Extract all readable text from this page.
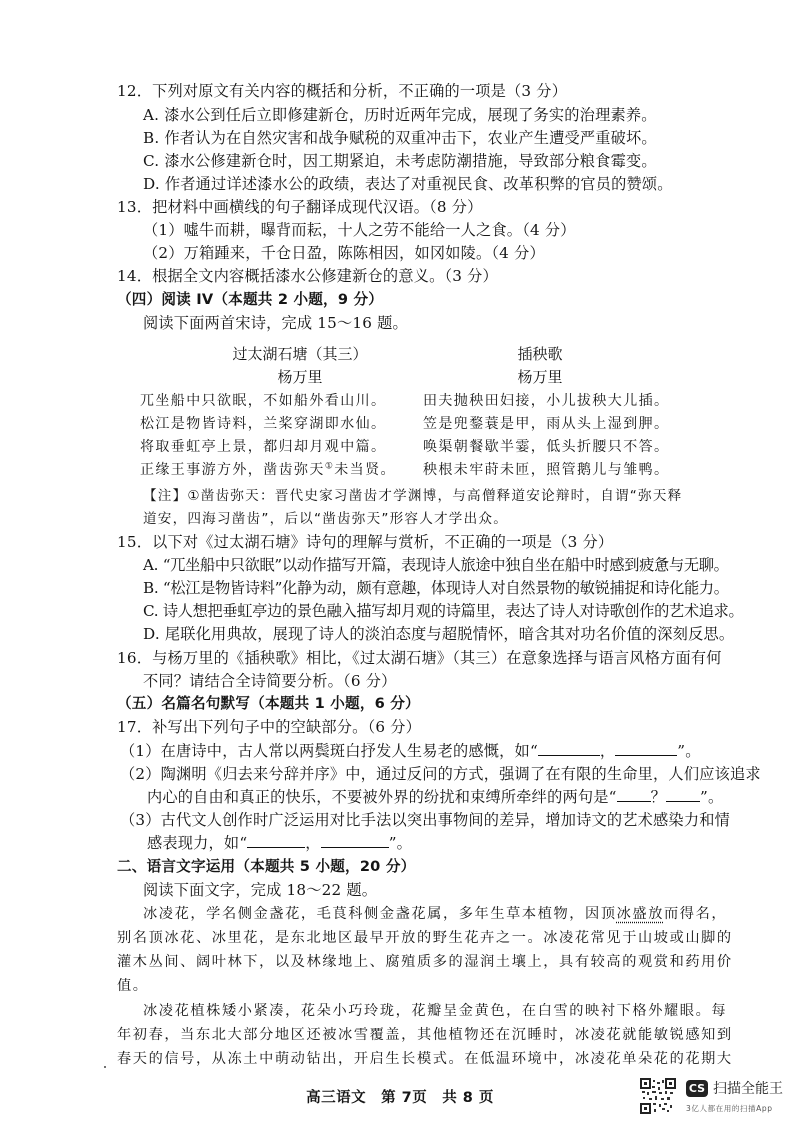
12．下列对原文有关内容的概括和分析，不正确的一项是（3 分）
A. 漆水公到任后立即修建新仓，历时近两年完成，展现了务实的治理素养。
B. 作者认为在自然灾害和战争赋税的双重冲击下，农业产生遭受严重破坏。
C. 漆水公修建新仓时，因工期紧迫，未考虑防潮措施，导致部分粮食霉变。
D. 作者通过详述漆水公的政绩，表达了对重视民食、改革积弊的官员的赞颂。
13．把材料中画横线的句子翻译成现代汉语。（8 分）
（1）噓牛而耕，曝背而耘，十人之劳不能给一人之食。（4 分）
（2）万箱踵来，千仓日盈，陈陈相因，如冈如陵。（4 分）
14．根据全文内容概括漆水公修建新仓的意义。（3 分）
（四）阅读 IV（本题共 2 小题，9 分）
阅读下面两首宋诗，完成 15～16 题。
过太湖石塘（其三）
杨万里
兀坐船中只欲眠，不如船外看山川。
松江是物皆诗料，兰桨穿湖即水仙。
将取垂虹亭上景，都归却月观中篇。
正缘王事游方外，凿齿弥天①未当贤。
插秧歌
杨万里
田夫抛秧田妇接，小儿拔秧大儿插。
笠是兜鍪蓑是甲，雨从头上湿到胛。
唤渠朝餐歇半霎，低头折腰只不答。
秧根未牢莳未匝，照管鹅儿与雏鸭。
【注】①凿齿弥天：晋代史家习凿齿才学渊博，与高僧释道安论辩时，自谓“弥天释
道安，四海习凿齿”，后以“凿齿弥天”形容人才学出众。
15．以下对《过太湖石塘》诗句的理解与赏析，不正确的一项是（3 分）
A. “兀坐船中只欲眠”以动作描写开篇，表现诗人旅途中独自坐在船中时感到疲惫与无聊。
B. “松江是物皆诗料”化静为动，颇有意趣，体现诗人对自然景物的敏锐捕捉和诗化能力。
C. 诗人想把垂虹亭边的景色融入描写却月观的诗篇里，表达了诗人对诗歌创作的艺术追求。
D. 尾联化用典故，展现了诗人的淡泊态度与超脱情怀，暗含其对功名价值的深刻反思。
16．与杨万里的《插秧歌》相比，《过太湖石塘》（其三）在意象选择与语言风格方面有何
不同？请结合全诗简要分析。（6 分）
（五）名篇名句默写（本题共 1 小题，6 分）
17．补写出下列句子中的空缺部分。（6 分）
（1）在唐诗中，古人常以两鬓斑白抒发人生易老的感慨，如“	，	”。
（2）陶渊明《归去来兮辞并序》中，通过反问的方式，强调了在有限的生命里，人们应该追求
内心的自由和真正的快乐，不要被外界的纷扰和束缚所牵绊的两句是“ ？ ”。
（3）古代文人创作时广泛运用对比手法以突出事物间的差异，增加诗文的艺术感染力和情
感表现力，如“	，	”。
二、语言文字运用（本题共 5 小题，20 分）
阅读下面文字，完成 18～22 题。
冰凌花，学名侧金盏花，毛茛科侧金盏花属，多年生草本植物，因顶冰盛放而得名，
别名顶冰花、冰里花，是东北地区最早开放的野生花卉之一。冰凌花常见于山坡或山脚的
灌木丛间、阔叶林下，以及林缘地上、腐殖质多的湿润土壤上，具有较高的观赏和药用价
值。
冰凌花植株矮小紧凑，花朵小巧玲珑，花瓣呈金黄色，在白雪的映衬下格外耀眼。每
年初春，当东北大部分地区还被冰雪覆盖，其他植物还在沉睡时，冰凌花就能敏锐感知到
春天的信号，从冻土中萌动钻出，开启生长模式。在低温环境中，冰凌花单朵花的花期大
高三语文　第 7页　共 8 页
CS 扫描全能王
3亿人都在用的扫描App
